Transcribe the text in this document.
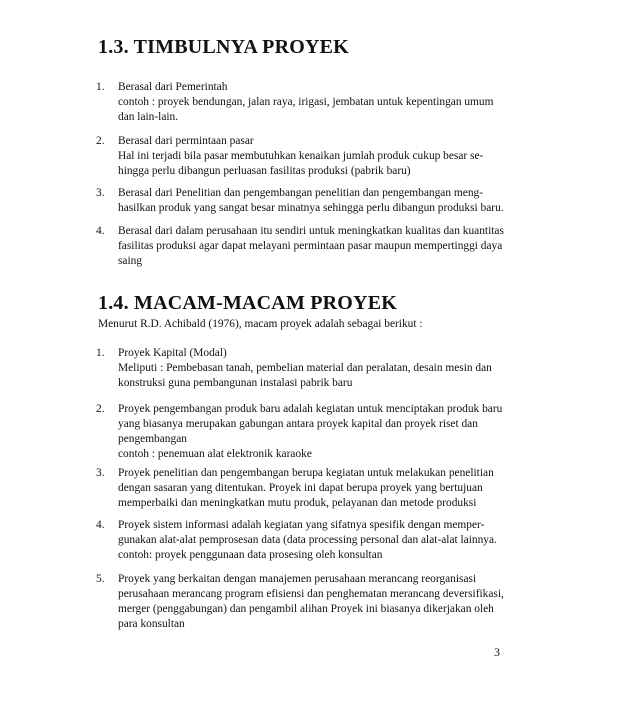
1.3. TIMBULNYA PROYEK
1. Berasal dari Pemerintah
contoh : proyek bendungan, jalan raya, irigasi, jembatan untuk kepentingan umum
dan lain-lain.
2. Berasal dari permintaan pasar
Hal ini terjadi bila pasar membutuhkan kenaikan jumlah produk cukup besar se-
hingga perlu dibangun perluasan fasilitas produksi (pabrik baru)
3. Berasal dari Penelitian dan pengembangan penelitian dan pengembangan meng-
hasilkan produk yang sangat besar minatnya sehingga perlu dibangun produksi baru.
4. Berasal dari dalam perusahaan itu sendiri untuk meningkatkan kualitas dan kuantitas
fasilitas produksi agar dapat melayani permintaan pasar maupun mempertinggi daya
saing
1.4. MACAM-MACAM PROYEK
Menurut R.D. Achibald (1976), macam proyek adalah sebagai berikut :
1. Proyek Kapital (Modal)
Meliputi : Pembebasan tanah, pembelian material dan peralatan, desain mesin dan
konstruksi guna pembangunan instalasi pabrik baru
2. Proyek pengembangan produk baru adalah kegiatan untuk menciptakan produk baru
yang biasanya merupakan gabungan antara proyek kapital dan proyek riset dan
pengembangan
contoh : penemuan alat elektronik karaoke
3. Proyek penelitian dan pengembangan berupa kegiatan untuk melakukan penelitian
dengan sasaran yang ditentukan. Proyek ini dapat berupa proyek yang bertujuan
memperbaiki dan meningkatkan mutu produk, pelayanan dan metode produksi
4. Proyek sistem informasi adalah kegiatan yang sifatnya spesifik dengan memper-
gunakan alat-alat pemprosesan data (data processing personal dan alat-alat lainnya.
contoh: proyek penggunaan data prosesing oleh konsultan
5. Proyek yang berkaitan dengan manajemen perusahaan merancang reorganisasi
perusahaan merancang program efisiensi dan penghematan merancang deversifikasi,
merger (penggabungan) dan pengambil alihan Proyek ini biasanya dikerjakan oleh
para konsultan
3
